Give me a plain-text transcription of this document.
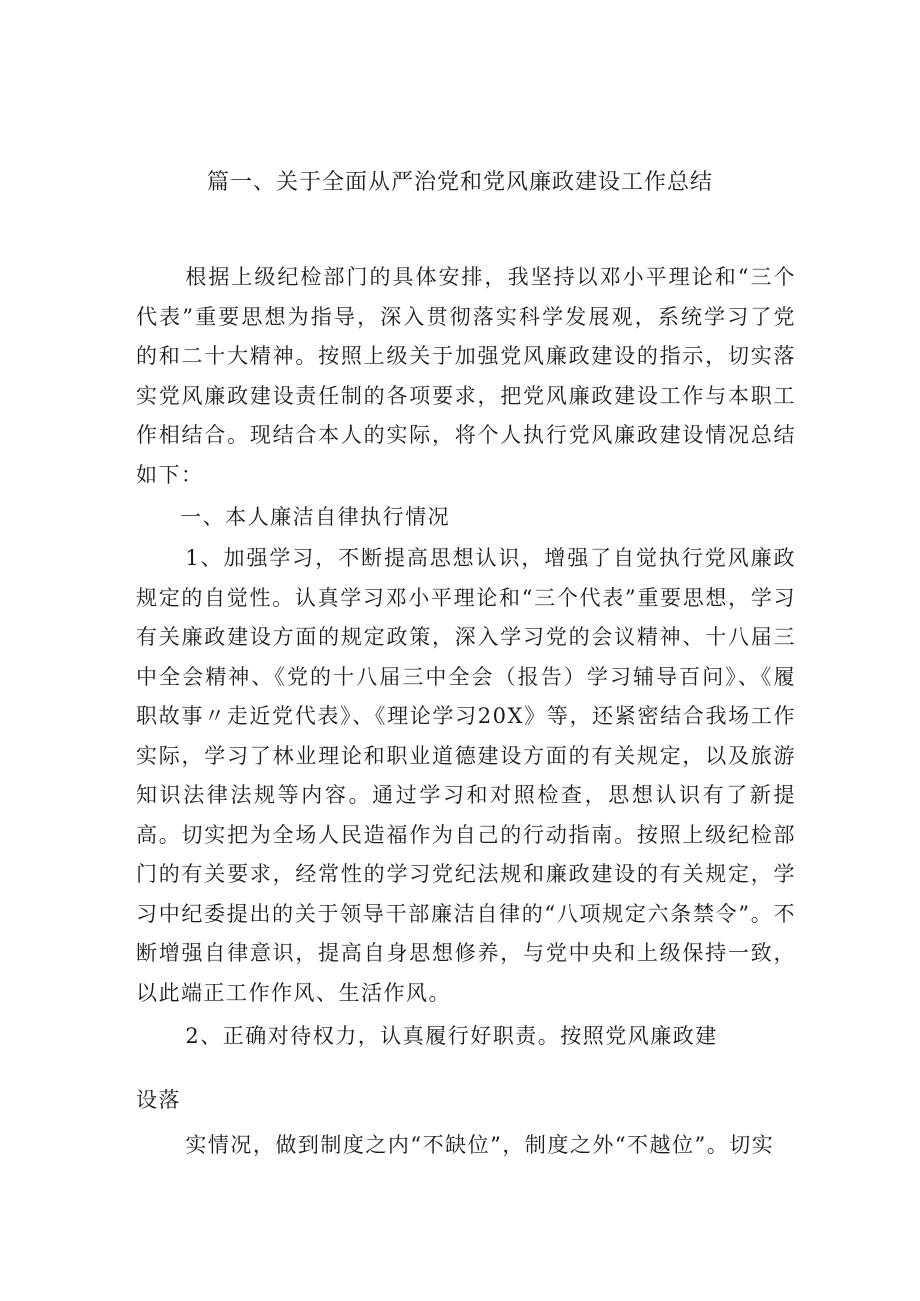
篇一、关于全面从严治党和党风廉政建设工作总结

根据上级纪检部门的具体安排，我坚持以邓小平理论和“三个代表”重要思想为指导，深入贯彻落实科学发展观，系统学习了党的和二十大精神。按照上级关于加强党风廉政建设的指示，切实落实党风廉政建设责任制的各项要求，把党风廉政建设工作与本职工作相结合。现结合本人的实际，将个人执行党风廉政建设情况总结如下：

一、本人廉洁自律执行情况

1、加强学习，不断提高思想认识，增强了自觉执行党风廉政规定的自觉性。认真学习邓小平理论和“三个代表”重要思想，学习有关廉政建设方面的规定政策，深入学习党的会议精神、十八届三中全会精神、《党的十八届三中全会（报告）学习辅导百问》、《履职故事〃走近党代表》、《理论学习20X》等，还紧密结合我场工作实际，学习了林业理论和职业道德建设方面的有关规定，以及旅游知识法律法规等内容。通过学习和对照检查，思想认识有了新提高。切实把为全场人民造福作为自己的行动指南。按照上级纪检部门的有关要求，经常性的学习党纪法规和廉政建设的有关规定，学习中纪委提出的关于领导干部廉洁自律的“八项规定六条禁令”。不断增强自律意识，提高自身思想修养，与党中央和上级保持一致，以此端正工作作风、生活作风。

2、正确对待权力，认真履行好职责。按照党风廉政建

设落

实情况，做到制度之内“不缺位”，制度之外“不越位”。切实
